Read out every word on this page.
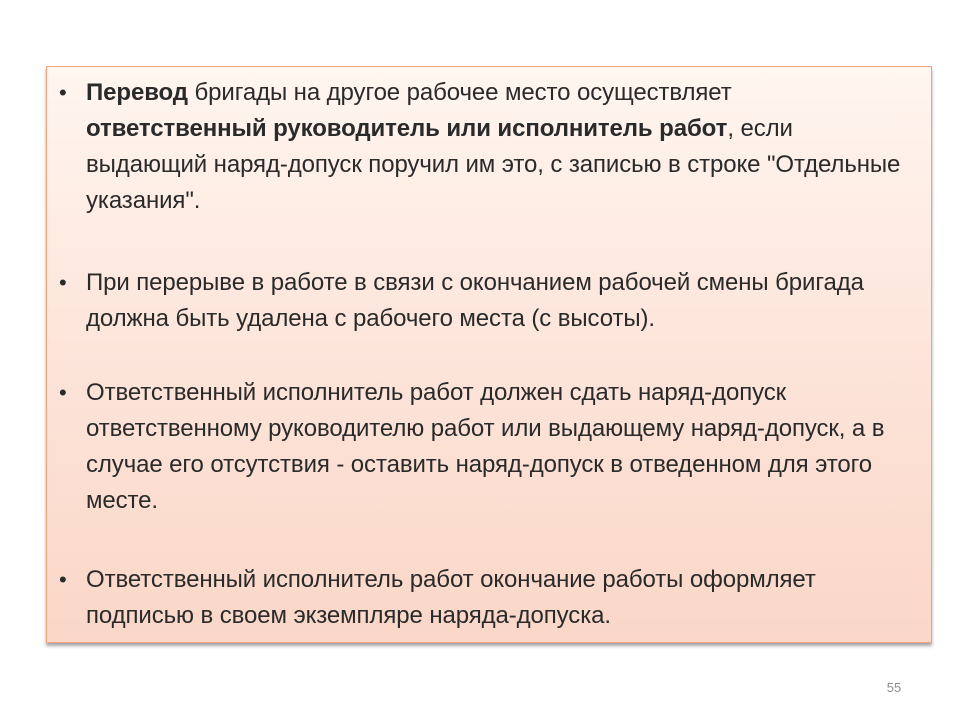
• Перевод бригады на другое рабочее место осуществляет
ответственный руководитель или исполнитель работ, если выдающий наряд-допуск поручил им это, с записью в строке "Отдельные указания".
• При перерыве в работе в связи с окончанием рабочей смены бригада должна быть удалена с рабочего места (с высоты).
• Ответственный исполнитель работ должен сдать наряд-допуск ответственному руководителю работ или выдающему наряд-допуск, а в случае его отсутствия - оставить наряд-допуск в отведенном для этого месте.
• Ответственный исполнитель работ окончание работы оформляет подписью в своем экземпляре наряда-допуска.
55
